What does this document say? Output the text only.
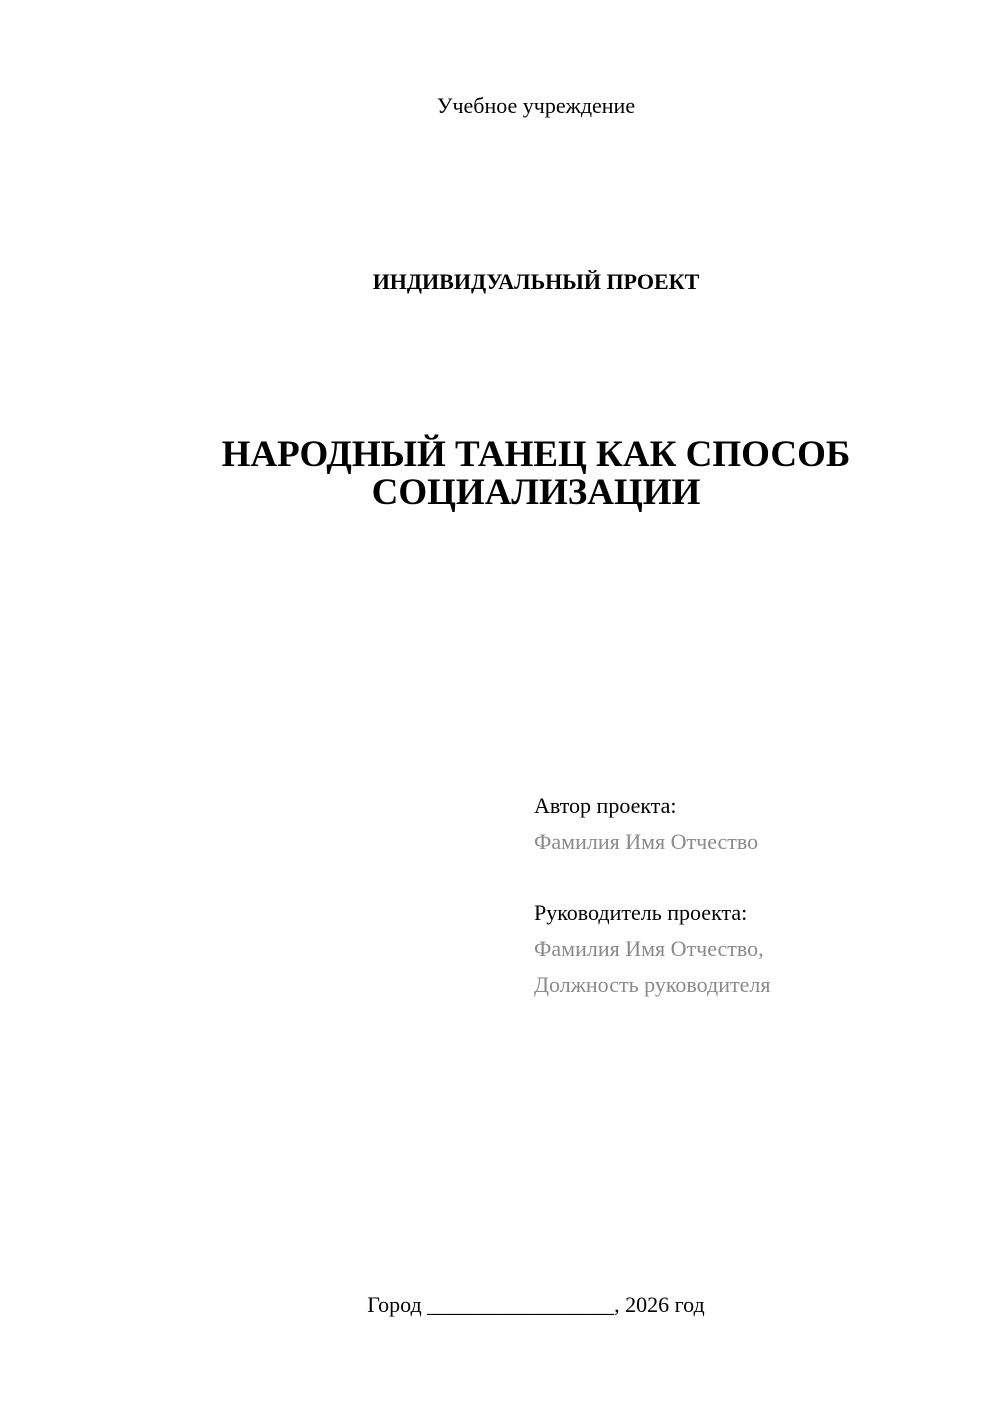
Учебное учреждение
ИНДИВИДУАЛЬНЫЙ ПРОЕКТ
НАРОДНЫЙ ТАНЕЦ КАК СПОСОБ
СОЦИАЛИЗАЦИИ
Автор проекта:
Фамилия Имя Отчество
Руководитель проекта:
Фамилия Имя Отчество,
Должность руководителя
Город _________________, 2026 год
